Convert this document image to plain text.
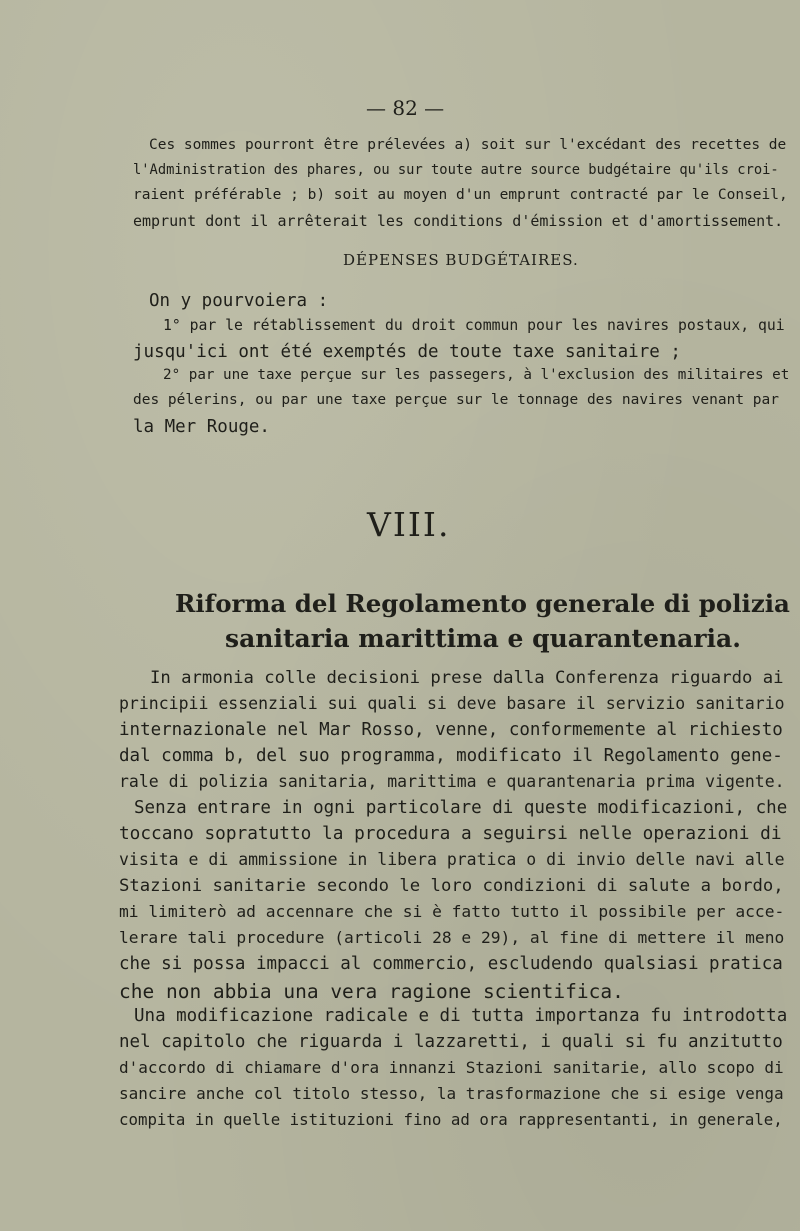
— 82 —
Ces sommes pourront être prélevées a) soit sur l'excédant des recettes de
l'Administration des phares, ou sur toute autre source budgétaire qu'ils croi-
raient préférable ; b) soit au moyen d'un emprunt contracté par le Conseil,
emprunt dont il arrêterait les conditions d'émission et d'amortissement.
DÉPENSES BUDGÉTAIRES.
On y pourvoiera :
1° par le rétablissement du droit commun pour les navires postaux, qui
jusqu'ici ont été exemptés de toute taxe sanitaire ;
2° par une taxe perçue sur les passegers, à l'exclusion des militaires et
des pélerins, ou par une taxe perçue sur le tonnage des navires venant par
la Mer Rouge.
VIII.
Riforma del Regolamento generale di polizia
sanitaria marittima e quarantenaria.
In armonia colle decisioni prese dalla Conferenza riguardo ai
principii essenziali sui quali si deve basare il servizio sanitario
internazionale nel Mar Rosso, venne, conformemente al richiesto
dal comma b, del suo programma, modificato il Regolamento gene-
rale di polizia sanitaria, marittima e quarantenaria prima vigente.
Senza entrare in ogni particolare di queste modificazioni, che
toccano sopratutto la procedura a seguirsi nelle operazioni di
visita e di ammissione in libera pratica o di invio delle navi alle
Stazioni sanitarie secondo le loro condizioni di salute a bordo,
mi limiterò ad accennare che si è fatto tutto il possibile per acce-
lerare tali procedure (articoli 28 e 29), al fine di mettere il meno
che si possa impacci al commercio, escludendo qualsiasi pratica
che non abbia una vera ragione scientifica.
Una modificazione radicale e di tutta importanza fu introdotta
nel capitolo che riguarda i lazzaretti, i quali si fu anzitutto
d'accordo di chiamare d'ora innanzi Stazioni sanitarie, allo scopo di
sancire anche col titolo stesso, la trasformazione che si esige venga
compita in quelle istituzioni fino ad ora rappresentanti, in generale,
